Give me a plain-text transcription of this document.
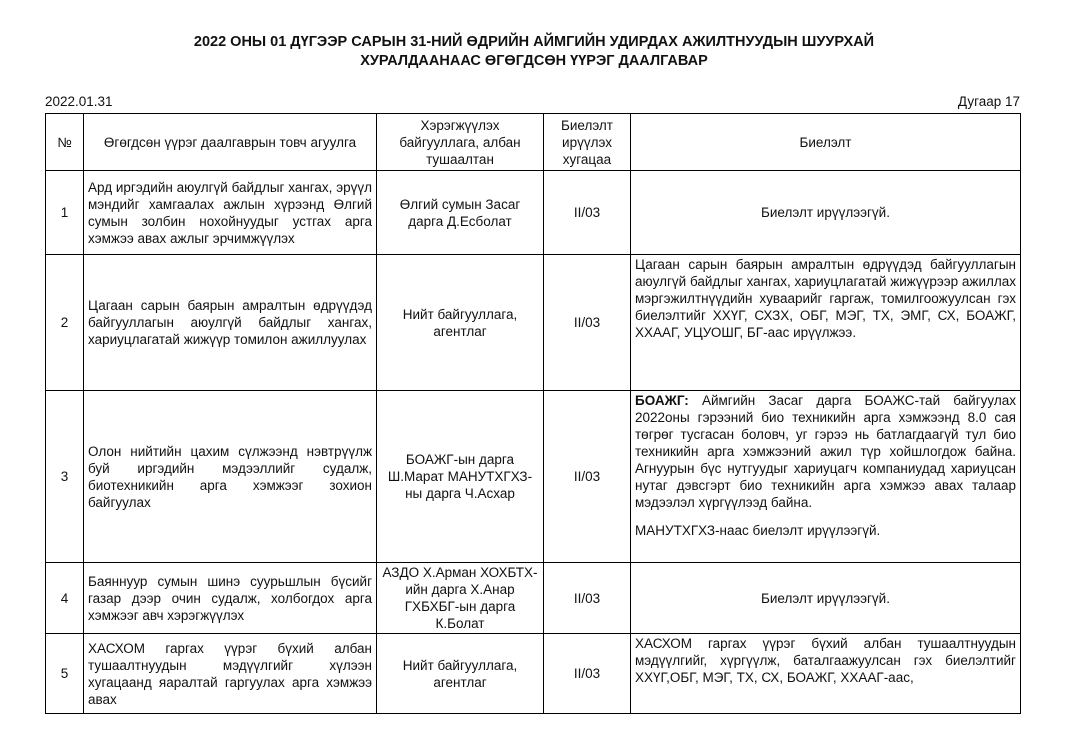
2022 ОНЫ 01 ДҮГЭЭР САРЫН 31-НИЙ ӨДРИЙН АЙМГИЙН УДИРДАХ АЖИЛТНУУДЫН ШУУРХАЙ
ХУРАЛДААНААС ӨГӨГДСӨН ҮҮРЭГ ДААЛГАВАР
2022.01.31	Дугаар 17
№	Өгөгдсөн үүрэг даалгаврын товч агуулга	Хэрэгжүүлэх байгууллага, албан тушаалтан	Биелэлт ирүүлэх хугацаа	Биелэлт
1	Ард иргэдийн аюулгүй байдлыг хангах, эрүүл мэндийг хамгаалах ажлын хүрээнд Өлгий сумын золбин нохойнуудыг устгах арга хэмжээ авах ажлыг эрчимжүүлэх	Өлгий сумын Засаг дарга Д.Есболат	II/03	Биелэлт ирүүлээгүй.
2	Цагаан сарын баярын амралтын өдрүүдэд байгууллагын аюулгүй байдлыг хангах, хариуцлагатай жижүүр томилон ажиллуулах	Нийт байгууллага, агентлаг	II/03	Цагаан сарын баярын амралтын өдрүүдэд байгууллагын аюулгүй байдлыг хангах, хариуцлагатай жижүүрээр ажиллах мэргэжилтнүүдийн хуваарийг гаргаж, томилгоожуулсан гэх биелэлтийг ХХҮГ, СХЗХ, ОБГ, МЭГ, ТХ, ЭМГ, СХ, БОАЖГ, ХХААГ, УЦУОШГ, БГ-аас ирүүлжээ.
3	Олон нийтийн цахим сүлжээнд нэвтрүүлж буй иргэдийн мэдээллийг судалж, биотехникийн арга хэмжээг зохион байгуулах	БОАЖГ-ын дарга Ш.Марат МАНУТХГХЗ-ны дарга Ч.Асхар	II/03	БОАЖГ: Аймгийн Засаг дарга БОАЖС-тай байгуулах 2022оны гэрээний био техникийн арга хэмжээнд 8.0 сая төгрөг тусгасан боловч, уг гэрээ нь батлагдаагүй тул био техникийн арга хэмжээний ажил түр хойшлогдож байна. Агнуурын бүс нутгуудыг хариуцагч компаниудад хариуцсан нутаг дэвсгэрт био техникийн арга хэмжээ авах талаар мэдээлэл хүргүүлээд байна.

МАНУТХГХЗ-наас биелэлт ирүүлээгүй.

4	Баяннуур сумын шинэ суурьшлын бүсийг газар дээр очин судалж, холбогдох арга хэмжээг авч хэрэгжүүлэх	АЗДО Х.Арман ХОХБТХ-ийн дарга Х.Анар ГХБХБГ-ын дарга К.Болат	II/03	Биелэлт ирүүлээгүй.
5	ХАСХОМ гаргах үүрэг бүхий албан тушаалтнуудын мэдүүлгийг хүлээн хугацаанд яаралтай гаргуулах арга хэмжээ авах	Нийт байгууллага, агентлаг	II/03	ХАСХОМ гаргах үүрэг бүхий албан тушаалтнуудын мэдүүлгийг, хүргүүлж, баталгаажуулсан гэх биелэлтийг ХХҮГ,ОБГ, МЭГ, ТХ, СХ, БОАЖГ, ХХААГ-аас,
